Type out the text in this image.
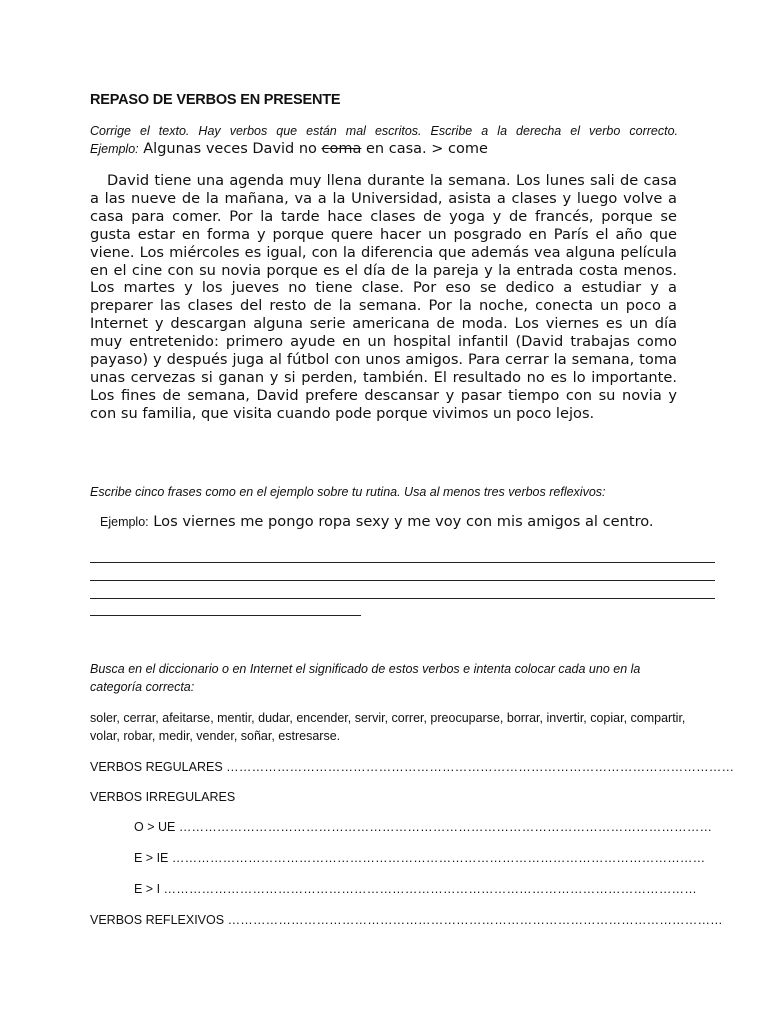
REPASO DE VERBOS EN PRESENTE
Corrige el texto. Hay verbos que están mal escritos. Escribe a la derecha el verbo correcto.
Ejemplo: Algunas veces David no coma en casa. > come

David tiene una agenda muy llena durante la semana. Los lunes sali de casa a las nueve de la mañana, va a la Universidad, asista a clases y luego volve a casa para comer. Por la tarde hace clases de yoga y de francés, porque se gusta estar en forma y porque quere hacer un posgrado en París el año que viene. Los miércoles es igual, con la diferencia que además vea alguna película en el cine con su novia porque es el día de la pareja y la entrada costa menos. Los martes y los jueves no tiene clase. Por eso se dedico a estudiar y a preparer las clases del resto de la semana. Por la noche, conecta un poco a Internet y descargan alguna serie americana de moda. Los viernes es un día muy entretenido: primero ayude en un hospital infantil (David trabajas como payaso) y después juga al fútbol con unos amigos. Para cerrar la semana, toma unas cervezas si ganan y si perden, también. El resultado no es lo importante. Los fines de semana, David prefere descansar y pasar tiempo con su novia y con su familia, que visita cuando pode porque vivimos un poco lejos.

Escribe cinco frases como en el ejemplo sobre tu rutina. Usa al menos tres verbos reflexivos:
Ejemplo: Los viernes me pongo ropa sexy y me voy con mis amigos al centro.
Busca en el diccionario o en Internet el significado de estos verbos e intenta colocar cada uno en la categoría correcta:
soler, cerrar, afeitarse, mentir, dudar, encender, servir, correr, preocuparse, borrar, invertir, copiar, compartir, volar, robar, medir, vender, soñar, estresarse.
VERBOS REGULARES …………………………………………………………………………………………………………
VERBOS IRREGULARES
O > UE ………………………………………………………………………………………………………………
E > IE ………………………………………………………………………………………………………………
E > I ………………………………………………………………………………………………………………
VERBOS REFLEXIVOS ………………………………………………………………………………………………………
